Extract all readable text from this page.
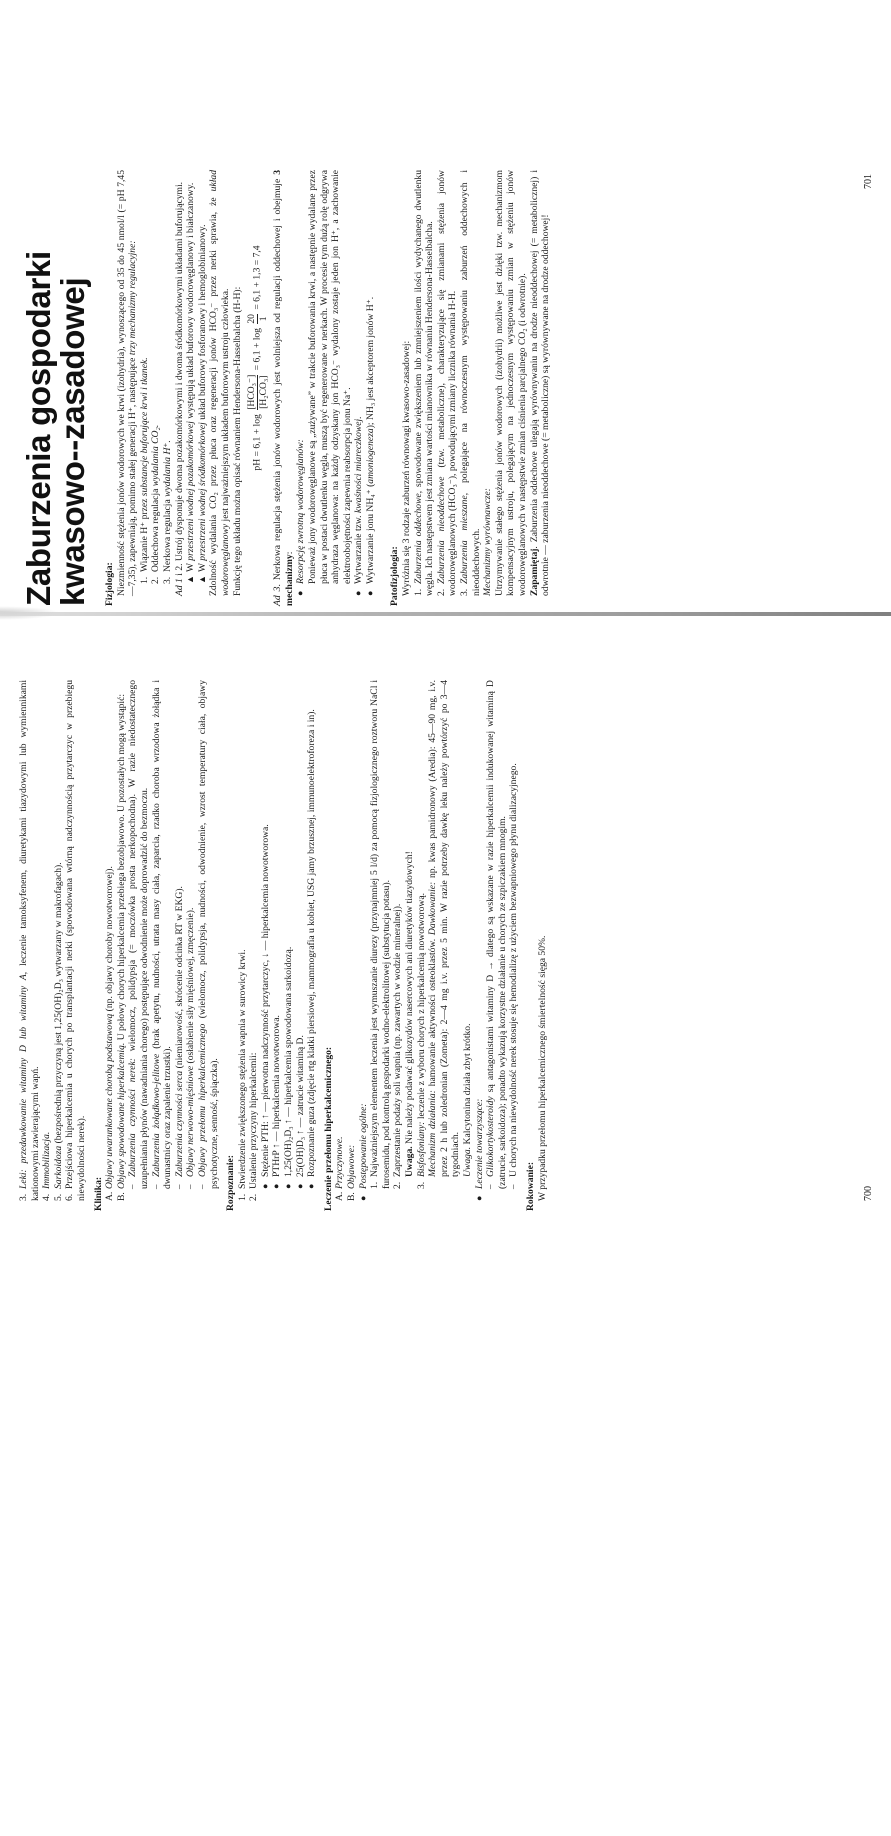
Zaburzenia gospodarki kwasowo--zasadowej Fizjologia: Niezmienność stężenia jonów wodorowych we krwi (izohydria), wynoszącego od 35 do 45 nmol/l (= pH 7,45—7,35), zapewniają, pomimo stałej generacji H⁺, następujące trzy mechanizmy regulacyjne:
1.Wiązanie H⁺ przez substancje buforujące krwi i tkanek.
2.Oddechowa regulacja wydalania CO₂.
3.Nerkowa regulacja wydalania H⁺.
Ad 1 i 2. Ustrój dysponuje dwoma pozakomórkowymi i dwoma śródkomórkowymi układami buforującymi.
▲W przestrzeni wodnej pozakomórkowej występują układ buforowy wodorowęglanowy i białczanowy.
▲W przestrzeni wodnej śródkomórkowej układ buforowy fosforanowy i hemoglobinianowy. Zdolność wydalania CO₂ przez płuca oraz regeneracji jonów HCO₃⁻ przez nerki sprawia, że układ wodorowęglanowy jest najważniejszym układem buforowym ustroju człowieka. Funkcję tego układu można opisać równaniem Hendersona-Hasselbalcha (H-H): pH = 6,1 + log
[HCO₃⁻] [H₂CO₃]
= 6,1 + log
20 1
= 6,1 + 1,3 = 7,4
Ad 3. Nerkowa regulacja stężenia jonów wodorowych jest wolniejsza od regulacji oddechowej i obejmuje 3 mechanizmy:
●Resorpcję zwrotną wodorowęglanów: Ponieważ jony wodorowęglanowe są „zużywane” w trakcie buforowania krwi, a następnie wydalane przez płuca w postaci dwutlenku węgla, muszą być regenerowane w nerkach. W procesie tym dużą rolę odgrywa anhydraza węglanowa: na każdy odzyskany jon HCO₃⁻ wydalony zostaje jeden jon H⁺, a zachowanie elektroobojętności zapewnia reabsorpcja jonu Na⁺.
●Wytwarzanie tzw. kwaśności miareczkowej.
●Wytwarzanie jonu NH₄⁺ (amoniogeneza); NH₃ jest akceptorem jonów H⁺.
Patofizjologia: Wyróżnia się 3 rodzaje zaburzeń równowagi kwasowo-zasadowej: 1.Zaburzenia oddechowe, spowodowane zwiększeniem lub zmniejszeniem ilości wydychanego dwutlenku węgla. Ich następstwem jest zmiana wartości mianownika w równaniu Hendersona-Hasselbalcha. 2.Zaburzenia nieoddechowe (tzw. metaboliczne), charakteryzujące się zmianami stężenia jonów wodorowęglanowych (HCO₃⁻), powodującymi zmiany licznika równania H-H. 3.Zaburzenia mieszane, polegające na równoczesnym występowaniu zaburzeń oddechowych i nieoddechowych. Mechanizmy wyrównawcze: Utrzymywanie stałego stężenia jonów wodorowych (izohydrii) możliwe jest dzięki tzw. mechanizmom kompensacyjnym ustroju, polegającym na jednoczesnym występowaniu zmian w stężeniu jonów wodorowęglanowych w następstwie zmian ciśnienia parcjalnego CO₂ (i odwrotnie). Zapamiętaj. Zaburzenia oddechowe ulegają wyrównywaniu na drodze nieoddechowej (= metabolicznej) i odwrotnie — zaburzenia nieoddechowe (= metaboliczne) są wyrównywane na drodze oddechowej!
701
3.Leki: przedawkowanie witaminy D lub witaminy A, leczenie tamoksyfenem, diuretykami tiazydowymi lub wymiennikami kationowymi zawierającymi wapń. 4.Immobilizacja.
5.Sarkoidoza (bezpośrednią przyczyną jest 1,25(OH)₂D₃ wytwarzany w makrofagach).
6.Przejściowa hiperkalcemia u chorych po transplantacji nerki (spowodowana wtórną nadczynnością przytarczyc w przebiegu niewydolności nerek). Klinika: A.Objawy uwarunkowane chorobą podstawową (np. objawy choroby nowotworowej).
B.Objawy spowodowane hiperkalcemią. U połowy chorych hiperkalcemia przebiega bezobjawowo. U pozostałych mogą wystąpić:
–Zaburzenia czynności nerek: wielomocz, polidypsja (= moczówka prosta nerkopochodna). W razie niedostatecznego uzupełniania płynów (nawadniania chorego) postępujące odwodnienie może doprowadzić do bezmoczu. –Zaburzenia żołądkowo-jelitowe (brak apetytu, nudności, utrata masy ciała, zaparcia, rzadko choroba wrzodowa żołądka i dwunastnicy oraz zapalenie trzustki). –Zaburzenia czynności serca (niemiarowość, skrócenie odcinka RT w EKG).
–Objawy nerwowo-mięśniowe (osłabienie siły mięśniowej, zmęczenie).
–Objawy przełomu hiperkalcemicznego (wielomocz, polidypsja, nudności, odwodnienie, wzrost temperatury ciała, objawy psychotyczne, senność, śpiączka). Rozpoznanie: 1.Stwierdzenie zwiększonego stężenia wapnia w surowicy krwi.
2.Ustalenie przyczyny hiperkalcemii: ●Stężenie PTH: ↑ — pierwotna nadczynność przytarczyc, ↓ — hiperkalcemia nowotworowa.
●PTHrP ↑ — hiperkalcemia nowotworowa.
●1,25(OH)₂D₃ ↑ — hiperkalcemia spowodowana sarkoidozą.
●25(OH)D₃ ↑ — zatrucie witaminą D.
●Rozpoznanie guza (zdjęcie rtg klatki piersiowej, mammografia u kobiet, USG jamy brzusznej, immunoelektroforeza i in). Leczenie przełomu hiperkalcemicznego: A.Przyczynowe.
B.Objawowe:
●Postępowanie ogólne: 1.Najważniejszym elementem leczenia jest wymuszanie diurezy (przynajmniej 5 l/d) za pomocą fizjologicznego roztworu NaCl i furosemidu, pod kontrolą gospodarki wodno-elektrolitowej (substytucja potasu). 2.Zaprzestanie podaży soli wapnia (np. zawartych w wodzie mineralnej). Uwaga. Nie należy podawać glikozydów nasercowych ani diuretyków tiazydowych!
3.Bisfosfoniany: leczenie z wyboru chorych z hiperkalcemią nowotworową.
Mechanizm działania: hamowanie aktywności osteoklastów. Dawkowanie: np. kwas pamidronowy (Aredia): 45—90 mg, i.v. przez 2 h lub zoledronian (Zometa): 2—4 mg i.v. przez 5 min. W razie potrzeby dawkę leku należy powtórzyć po 3—4 tygodniach. Uwaga. Kalcytonina działa zbyt krótko.
●Leczenie towarzyszące: –Glikokortykosteroidy są antagonistami witaminy D → dlatego są wskazane w razie hiperkalcemii indukowanej witaminą D (zatrucie, sarkoidoza); ponadto wykazują korzystne działanie u chorych ze szpiczakiem mnogim. –U chorych na niewydolność nerek stosuje się hemodializę z użyciem bezwapniowego płynu dializacyjnego.
Rokowanie: W przypadku przełomu hiperkalcemicznego śmiertelność sięga 50%.	700
